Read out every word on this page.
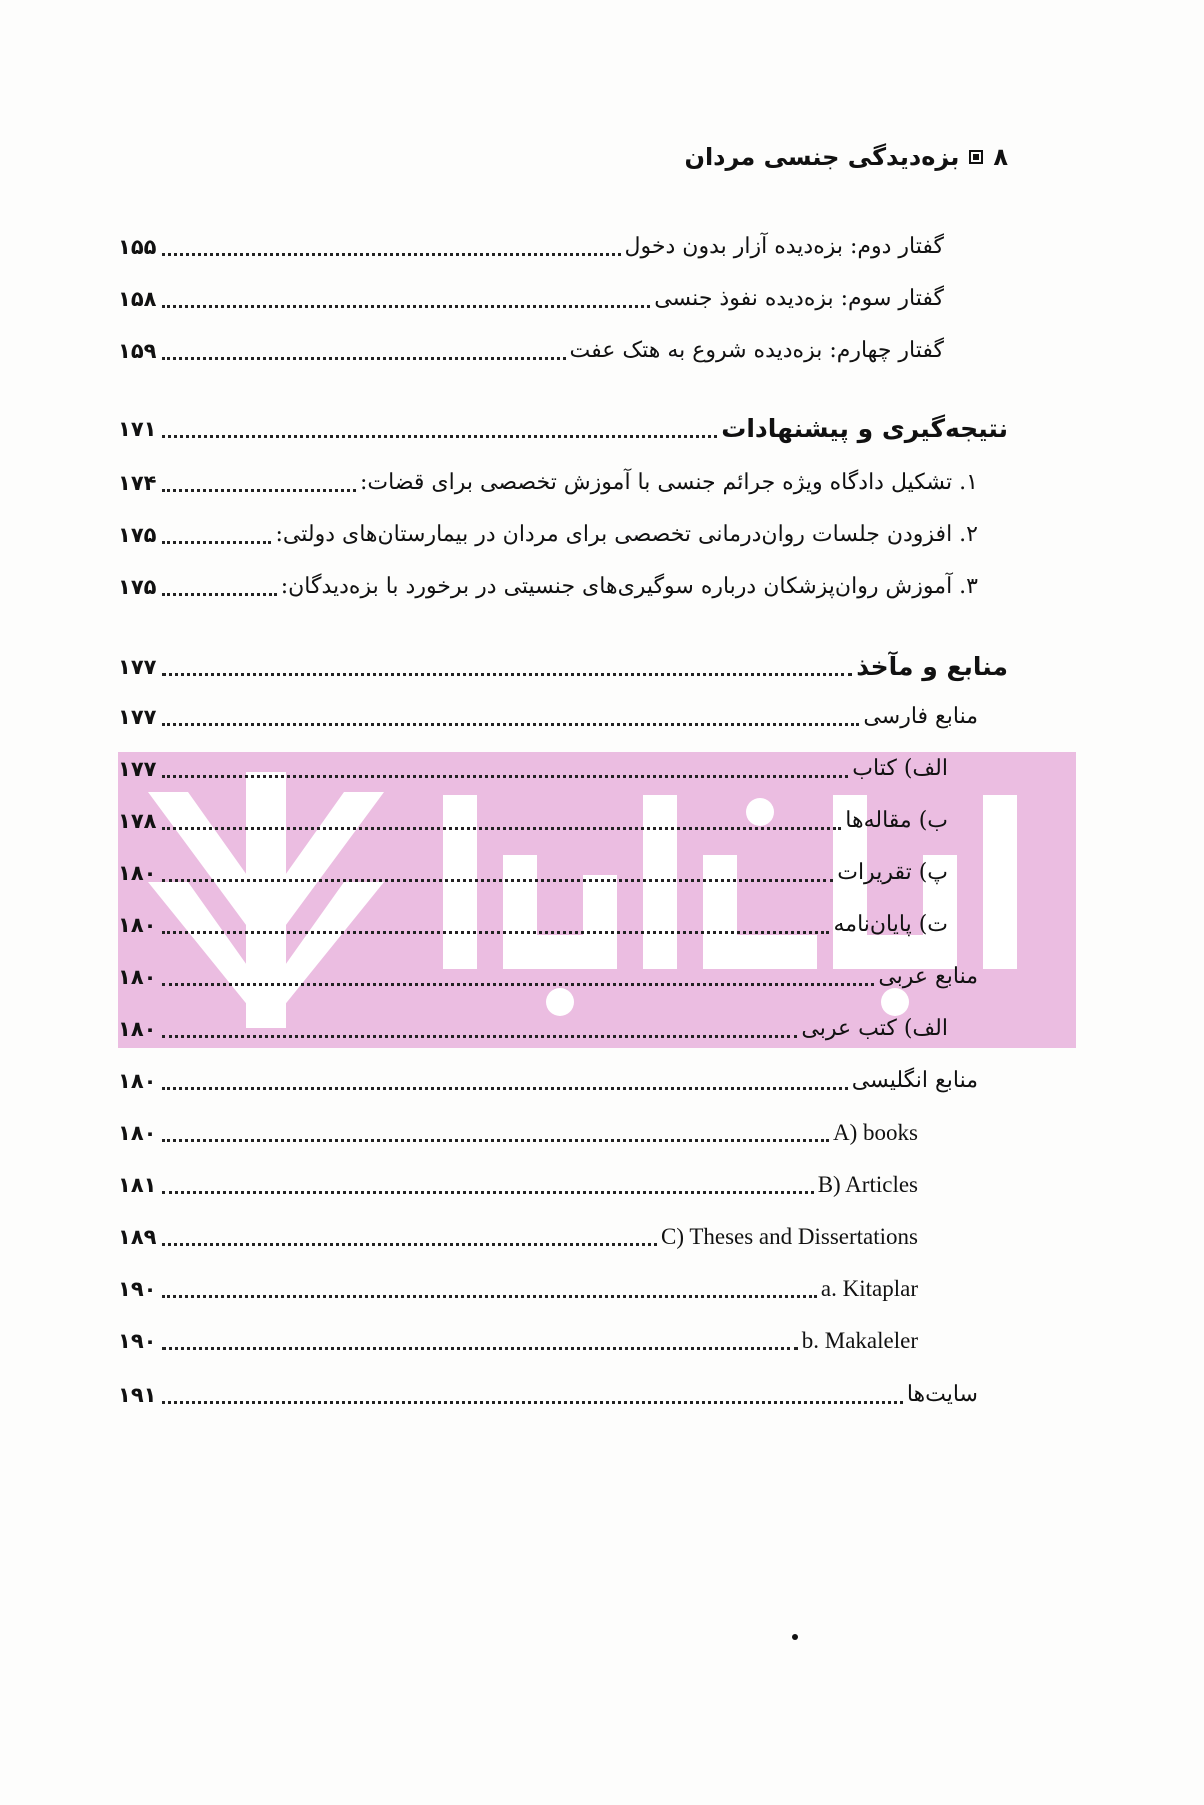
۸
بزه‌دیدگی جنسی مردان
گفتار دوم: بزه‌دیده آزار بدون دخول
۱۵۵
گفتار سوم: بزه‌دیده نفوذ جنسی
۱۵۸
گفتار چهارم: بزه‌دیده شروع به هتک عفت
۱۵۹
نتیجه‌گیری و پیشنهادات
۱۷۱
۱. تشکیل دادگاه ویژه جرائم جنسی با آموزش تخصصی برای قضات:
۱۷۴
۲. افزودن جلسات روان‌درمانی تخصصی برای مردان در بیمارستان‌های دولتی:
۱۷۵
۳. آموزش روان‌پزشکان درباره سوگیری‌های جنسیتی در برخورد با بزه‌دیدگان:
۱۷۵
منابع و مآخذ
۱۷۷
منابع فارسی
۱۷۷
الف) کتاب
۱۷۷
ب) مقاله‌ها
۱۷۸
پ) تقریرات
۱۸۰
ت) پایان‌نامه
۱۸۰
منابع عربی
۱۸۰
الف) کتب عربی
۱۸۰
منابع انگلیسی
۱۸۰
A) books
۱۸۰
B) Articles
۱۸۱
C) Theses and Dissertations
۱۸۹
a. Kitaplar
۱۹۰
b. Makaleler
۱۹۰
سایت‌ها
۱۹۱
